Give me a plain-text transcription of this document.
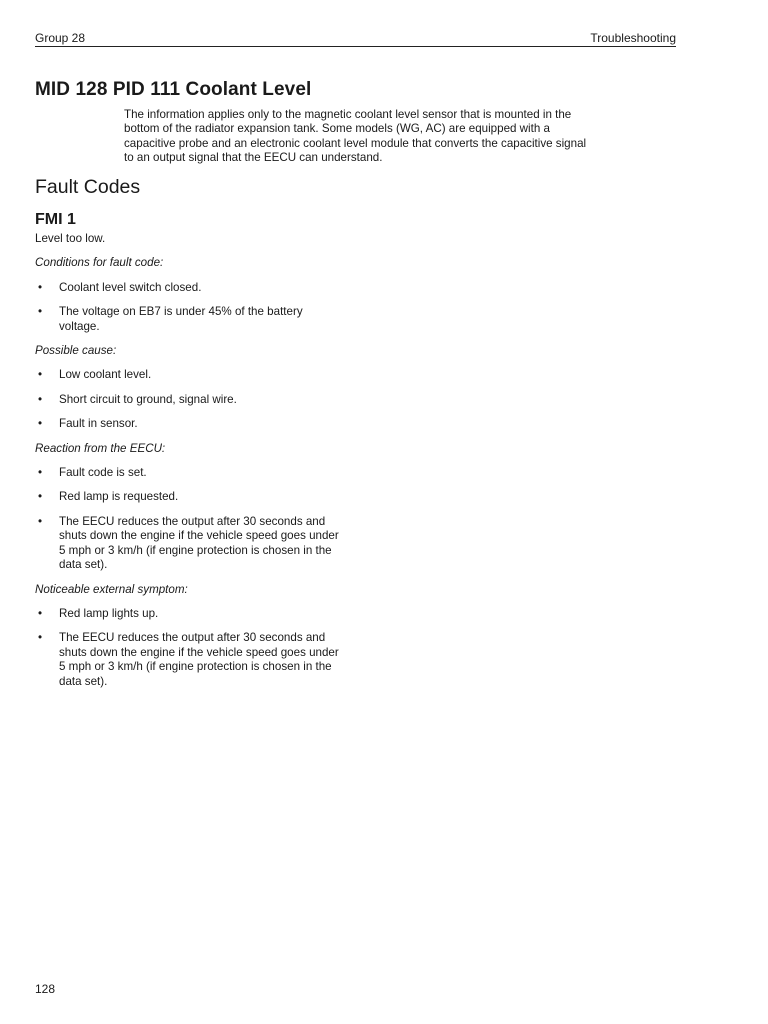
Group 28	Troubleshooting
MID 128 PID 111 Coolant Level

The information applies only to the magnetic coolant level sensor that is mounted in the bottom of the radiator expansion tank. Some models (WG, AC) are equipped with a capacitive probe and an electronic coolant level module that converts the capacitive signal to an output signal that the EECU can understand.

Fault Codes
FMI 1

Level too low.

Conditions for fault code:

• Coolant level switch closed.
• The voltage on EB7 is under 45% of the battery voltage.

Possible cause:

• Low coolant level.
• Short circuit to ground, signal wire.
• Fault in sensor.

Reaction from the EECU:

• Fault code is set.
• Red lamp is requested.
• The EECU reduces the output after 30 seconds and shuts down the engine if the vehicle speed goes under 5 mph or 3 km/h (if engine protection is chosen in the data set).

Noticeable external symptom:

• Red lamp lights up.
• The EECU reduces the output after 30 seconds and shuts down the engine if the vehicle speed goes under 5 mph or 3 km/h (if engine protection is chosen in the data set).
128
